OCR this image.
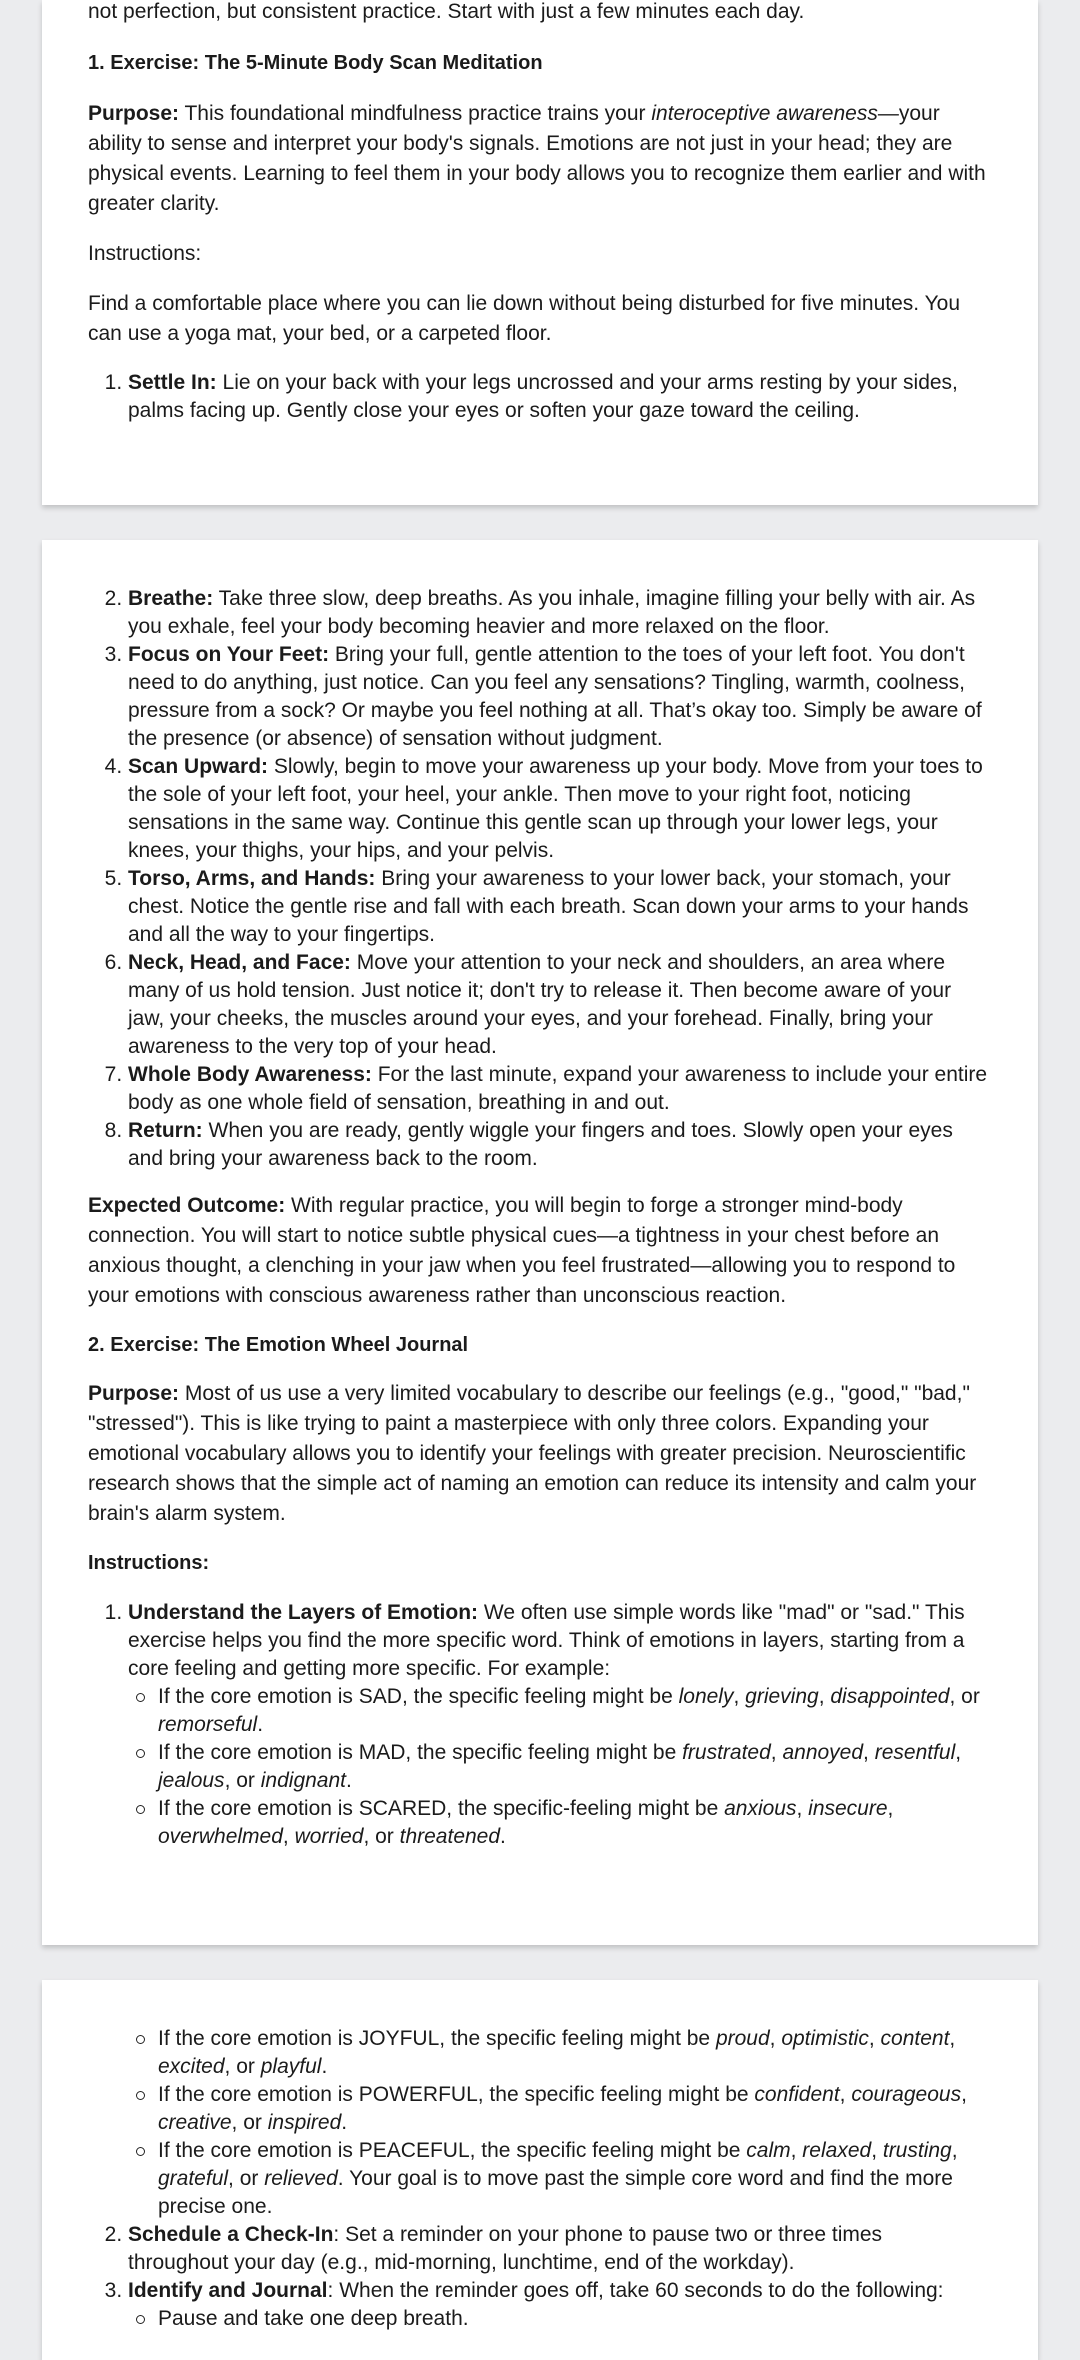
not perfection, but consistent practice. Start with just a few minutes each day.

1. Exercise: The 5-Minute Body Scan Meditation

Purpose: This foundational mindfulness practice trains your interoceptive awareness—your ability to sense and interpret your body's signals. Emotions are not just in your head; they are physical events. Learning to feel them in your body allows you to recognize them earlier and with greater clarity.

Instructions:

Find a comfortable place where you can lie down without being disturbed for five minutes. You can use a yoga mat, your bed, or a carpeted floor.

1. Settle In: Lie on your back with your legs uncrossed and your arms resting by your sides, palms facing up. Gently close your eyes or soften your gaze toward the ceiling.
2. Breathe: Take three slow, deep breaths. As you inhale, imagine filling your belly with air. As you exhale, feel your body becoming heavier and more relaxed on the floor.
3. Focus on Your Feet: Bring your full, gentle attention to the toes of your left foot. You don't need to do anything, just notice. Can you feel any sensations? Tingling, warmth, coolness, pressure from a sock? Or maybe you feel nothing at all. That’s okay too. Simply be aware of the presence (or absence) of sensation without judgment.
4. Scan Upward: Slowly, begin to move your awareness up your body. Move from your toes to the sole of your left foot, your heel, your ankle. Then move to your right foot, noticing sensations in the same way. Continue this gentle scan up through your lower legs, your knees, your thighs, your hips, and your pelvis.
5. Torso, Arms, and Hands: Bring your awareness to your lower back, your stomach, your chest. Notice the gentle rise and fall with each breath. Scan down your arms to your hands and all the way to your fingertips.
6. Neck, Head, and Face: Move your attention to your neck and shoulders, an area where many of us hold tension. Just notice it; don't try to release it. Then become aware of your jaw, your cheeks, the muscles around your eyes, and your forehead. Finally, bring your awareness to the very top of your head.
7. Whole Body Awareness: For the last minute, expand your awareness to include your entire body as one whole field of sensation, breathing in and out.
8. Return: When you are ready, gently wiggle your fingers and toes. Slowly open your eyes and bring your awareness back to the room.

Expected Outcome: With regular practice, you will begin to forge a stronger mind-body connection. You will start to notice subtle physical cues—a tightness in your chest before an anxious thought, a clenching in your jaw when you feel frustrated—allowing you to respond to your emotions with conscious awareness rather than unconscious reaction.

2. Exercise: The Emotion Wheel Journal

Purpose: Most of us use a very limited vocabulary to describe our feelings (e.g., "good," "bad," "stressed"). This is like trying to paint a masterpiece with only three colors. Expanding your emotional vocabulary allows you to identify your feelings with greater precision. Neuroscientific research shows that the simple act of naming an emotion can reduce its intensity and calm your brain's alarm system.

Instructions:

1. Understand the Layers of Emotion: We often use simple words like "mad" or "sad." This exercise helps you find the more specific word. Think of emotions in layers, starting from a core feeling and getting more specific. For example:
If the core emotion is SAD, the specific feeling might be lonely, grieving, disappointed, or remorseful.
If the core emotion is MAD, the specific feeling might be frustrated, annoyed, resentful, jealous, or indignant.
If the core emotion is SCARED, the specific-feeling might be anxious, insecure, overwhelmed, worried, or threatened.
If the core emotion is JOYFUL, the specific feeling might be proud, optimistic, content, excited, or playful.
If the core emotion is POWERFUL, the specific feeling might be confident, courageous, creative, or inspired.
If the core emotion is PEACEFUL, the specific feeling might be calm, relaxed, trusting, grateful, or relieved. Your goal is to move past the simple core word and find the more precise one.
2. Schedule a Check-In: Set a reminder on your phone to pause two or three times throughout your day (e.g., mid-morning, lunchtime, end of the workday).
3. Identify and Journal: When the reminder goes off, take 60 seconds to do the following:
Pause and take one deep breath.
